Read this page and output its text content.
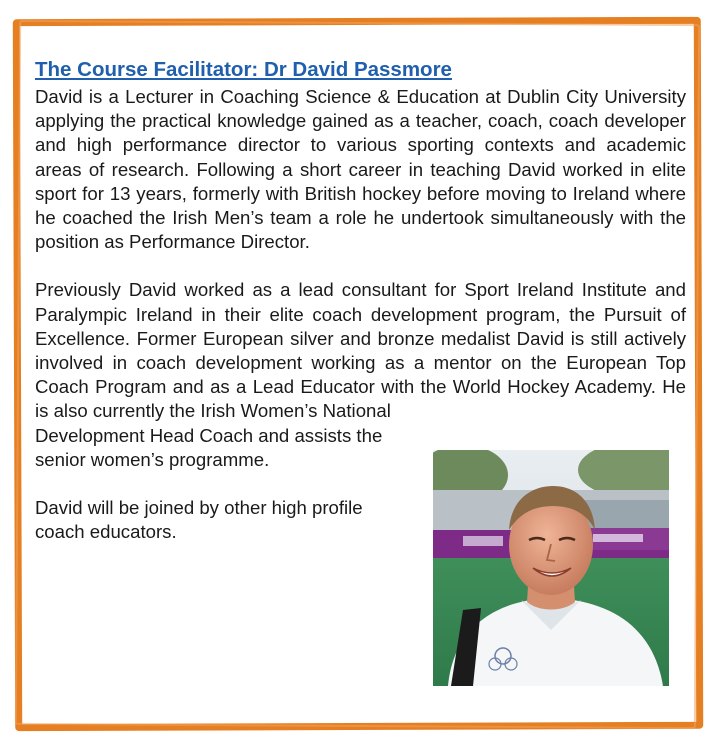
The Course Facilitator: Dr David Passmore

David is a Lecturer in Coaching Science & Education at Dublin City University applying the practical knowledge gained as a teacher, coach, coach developer and high performance director to various sporting contexts and academic areas of research. Following a short career in teaching David worked in elite sport for 13 years, formerly with British hockey before moving to Ireland where he coached the Irish Men’s team a role he undertook simultaneously with the position as Performance Director.

Previously David worked as a lead consultant for Sport Ireland Institute and Paralympic Ireland in their elite coach development program, the Pursuit of Excellence. Former European silver and bronze medalist David is still actively involved in coach development working as a mentor on the European Top Coach Program and as a Lead Educator with the World Hockey Academy. He is also currently the Irish Women’s National

Development Head Coach and assists the
senior women’s programme.
David will be joined by other high profile
coach educators.
